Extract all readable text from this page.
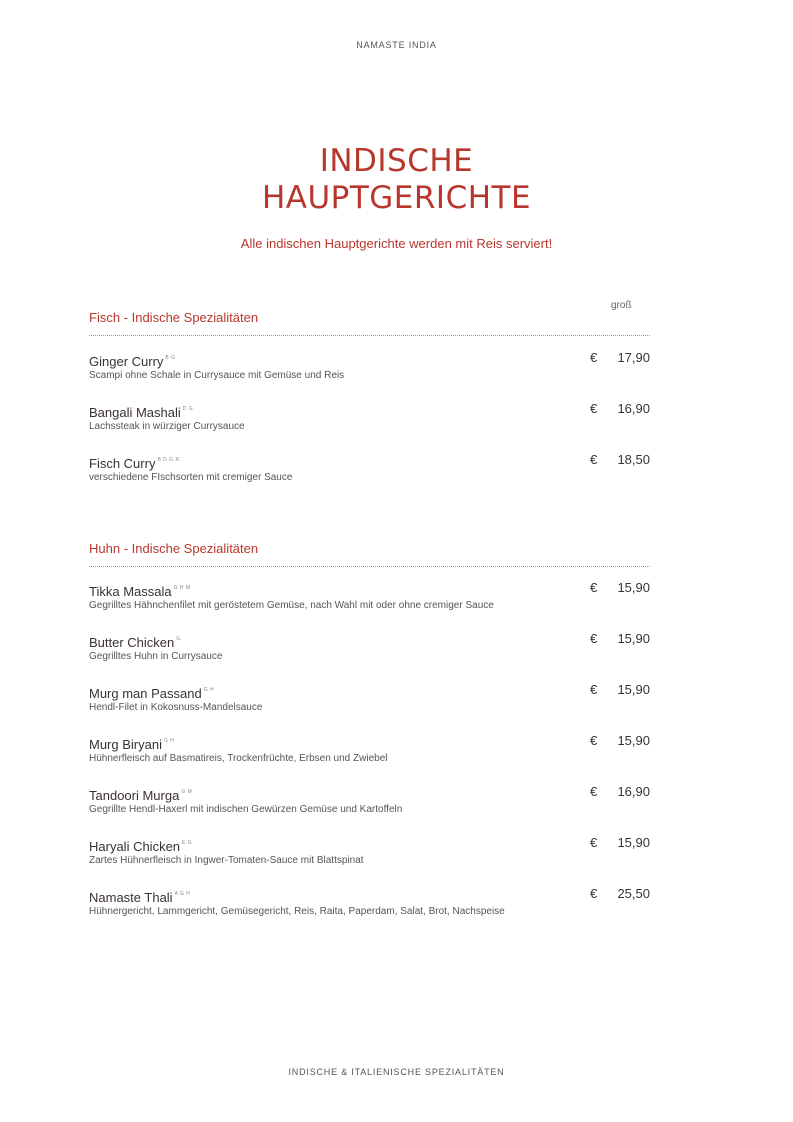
NAMASTE INDIA
INDISCHE
HAUPTGERICHTE
Alle indischen Hauptgerichte werden mit Reis serviert!
groß
Fisch - Indische Spezialitäten
Ginger Curry $^{B G}$
Scampi ohne Schale in Currysauce mit Gemüse und Reis
€ 17,90
Bangali Mashali $^{D G}$
Lachssteak in würziger Currysauce
€ 16,90
Fisch Curry $^{B D G R}$
verschiedene FIschsorten mit cremiger Sauce
€ 18,50
Huhn - Indische Spezialitäten
Tikka Massala $^{G H M}$
Gegrilltes Hähnchenfilet mit geröstetem Gemüse, nach Wahl mit oder ohne cremiger Sauce
€ 15,90
Butter Chicken $^G$
Gegrilltes Huhn in Currysauce
€ 15,90
Murg man Passand $^{G H}$
Hendl-Filet in Kokosnuss-Mandelsauce
€ 15,90
Murg Biryani $^{G H}$
Hühnerfleisch auf Basmatireis, Trockenfrüchte, Erbsen und Zwiebel
€ 15,90
Tandoori Murga $^{G M}$
Gegrillte Hendl-Haxerl mit indischen Gewürzen Gemüse und Kartoffeln
€ 16,90
Haryali Chicken $^{E G}$
Zartes Hühnerfleisch in Ingwer-Tomaten-Sauce mit Blattspinat
€ 15,90
Namaste Thali $^{A G H}$
Hühnergericht, Lammgericht, Gemüsegericht, Reis, Raita, Paperdam, Salat, Brot, Nachspeise
€ 25,50
INDISCHE & ITALIENISCHE SPEZIALITÄTEN
